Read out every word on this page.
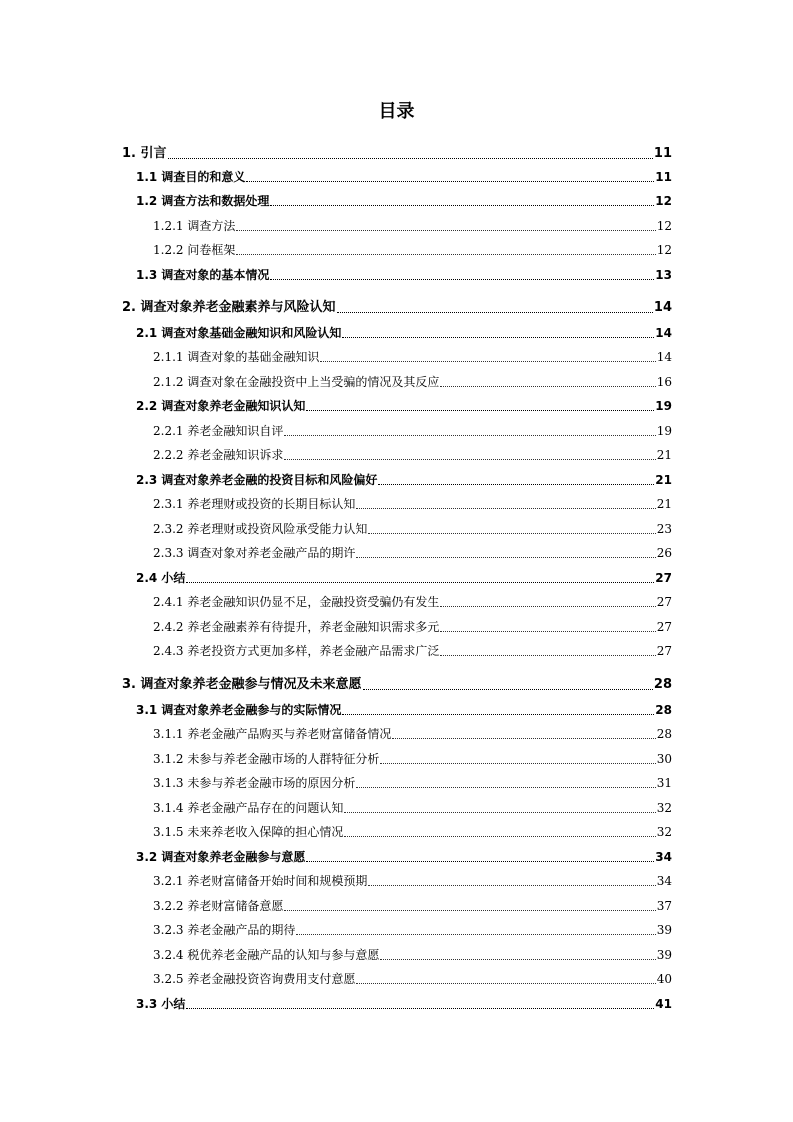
目录
1. 引言	11
1.1 调查目的和意义	11
1.2 调查方法和数据处理	12
1.2.1 调查方法	12
1.2.2 问卷框架	12
1.3 调查对象的基本情况	13
2. 调查对象养老金融素养与风险认知	14
2.1 调查对象基础金融知识和风险认知	14
2.1.1 调查对象的基础金融知识	14
2.1.2 调查对象在金融投资中上当受骗的情况及其反应	16
2.2 调查对象养老金融知识认知	19
2.2.1 养老金融知识自评	19
2.2.2 养老金融知识诉求	21
2.3 调查对象养老金融的投资目标和风险偏好	21
2.3.1 养老理财或投资的长期目标认知	21
2.3.2 养老理财或投资风险承受能力认知	23
2.3.3 调查对象对养老金融产品的期许	26
2.4 小结	27
2.4.1 养老金融知识仍显不足，金融投资受骗仍有发生	27
2.4.2 养老金融素养有待提升，养老金融知识需求多元	27
2.4.3 养老投资方式更加多样，养老金融产品需求广泛	27
3. 调查对象养老金融参与情况及未来意愿	28
3.1 调查对象养老金融参与的实际情况	28
3.1.1 养老金融产品购买与养老财富储备情况	28
3.1.2 未参与养老金融市场的人群特征分析	30
3.1.3 未参与养老金融市场的原因分析	31
3.1.4 养老金融产品存在的问题认知	32
3.1.5 未来养老收入保障的担心情况	32
3.2 调查对象养老金融参与意愿	34
3.2.1 养老财富储备开始时间和规模预期	34
3.2.2 养老财富储备意愿	37
3.2.3 养老金融产品的期待	39
3.2.4 税优养老金融产品的认知与参与意愿	39
3.2.5 养老金融投资咨询费用支付意愿	40
3.3 小结	41
